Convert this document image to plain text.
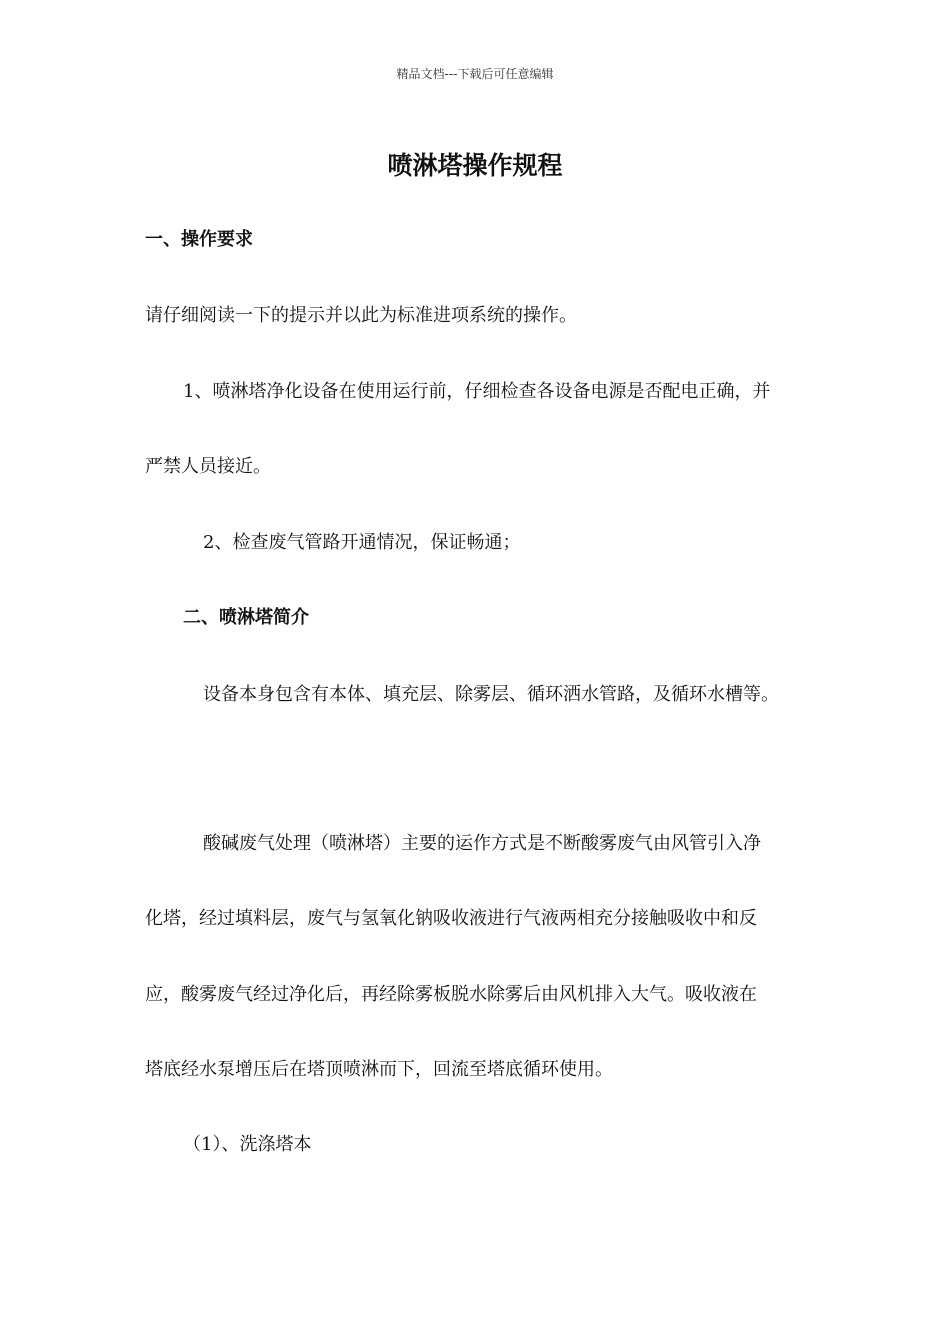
精品文档---下载后可任意编辑
喷淋塔操作规程
一、操作要求
请仔细阅读一下的提示并以此为标准进项系统的操作。
1、喷淋塔净化设备在使用运行前，仔细检查各设备电源是否配电正确，并
严禁人员接近。
2、检查废气管路开通情况，保证畅通；
二、喷淋塔简介
设备本身包含有本体、填充层、除雾层、循环洒水管路，及循环水槽等。
酸碱废气处理（喷淋塔）主要的运作方式是不断酸雾废气由风管引入净
化塔，经过填料层，废气与氢氧化钠吸收液进行气液两相充分接触吸收中和反
应，酸雾废气经过净化后，再经除雾板脱水除雾后由风机排入大气。吸收液在
塔底经水泵增压后在塔顶喷淋而下，回流至塔底循环使用。
（1）、洗涤塔本
